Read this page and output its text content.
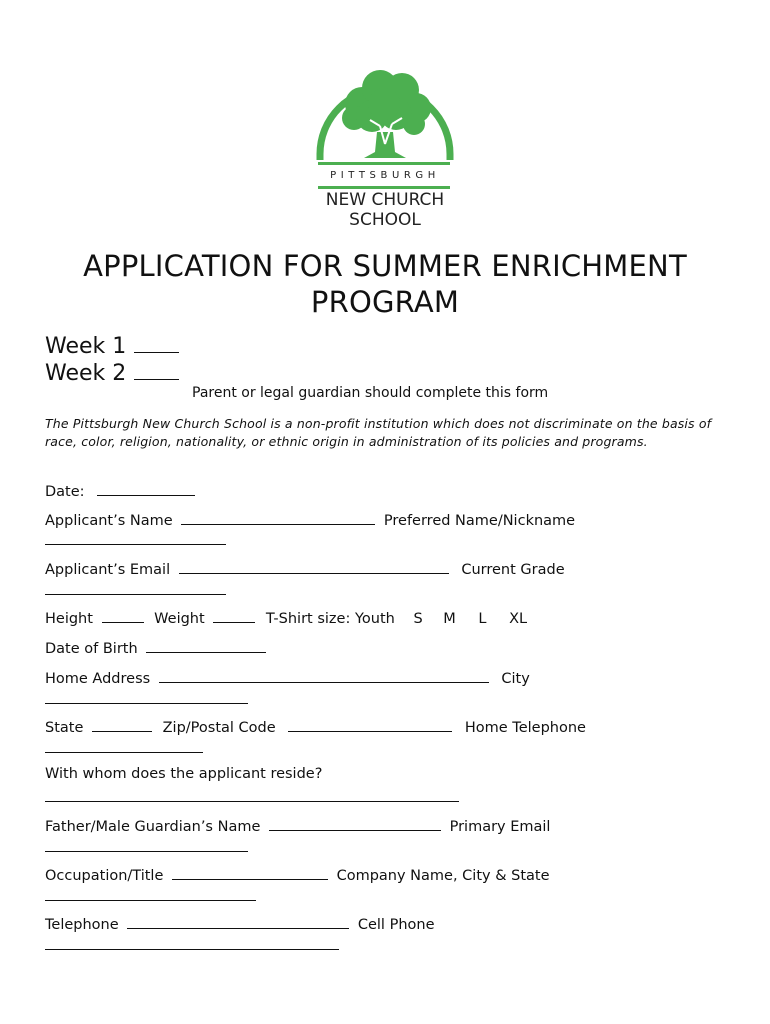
PITTSBURGH
NEW CHURCH
SCHOOL
APPLICATION FOR SUMMER ENRICHMENT PROGRAM
Week 1
Week 2
Parent or legal guardian should complete this form
The Pittsburgh New Church School is a non-profit institution which does not discriminate on the basis of race, color, religion, nationality, or ethnic origin in administration of its policies and programs.
Date:
Applicant’s Name	Preferred Name/Nickname
Applicant’s Email	Current Grade
Height	Weight	T-Shirt size: Youth S M L XL
Date of Birth
Home Address	City
State	Zip/Postal Code	Home Telephone
With whom does the applicant reside?
Father/Male Guardian’s Name	Primary Email
Occupation/Title	Company Name, City & State
Telephone	Cell Phone
